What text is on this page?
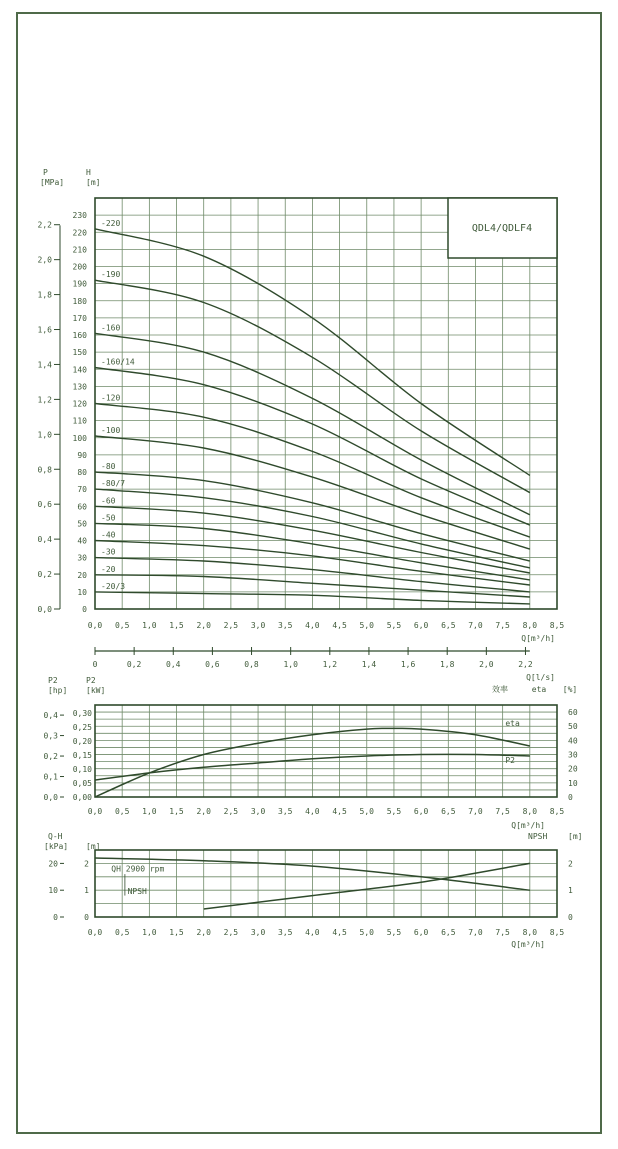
QDL4/QDLF4
P
[MPa]
H
[m]
0
10
20
30
40
50
60
70
80
90
100
110
120
130
140
150
160
170
180
190
200
210
220
230
0,0
0,2
0,4
0,6
0,8
1,0
1,2
1,4
1,6
1,8
2,0
2,2
0,0 0,5 1,0 1,5 2,0 2,5 3,0 3,5 4,0 4,5 5,0 5,5 6,0 6,5 7,0 7,5 8,0 8,5
Q[m³/h]
0	0,2	0,4	0,6	0,8	1,0	1,2	1,4	1,6	1,8	2,0	2,2
Q[l/s]
-220
-190
-160
-160/14
-120
-100
-80
-80/7
-60
-50
-40
-30
-20
-20/3
P2
[hp]
P2
[kW]	效率	eta [%]
0,0
0,1
0,2
0,3
0,4
0,00
0,05
0,10
0,15
0,20
0,25
0,30
0
10
20
30
40
50
60
0,0 0,5 1,0 1,5 2,0 2,5 3,0 3,5 4,0 4,5 5,0 5,5 6,0 6,5 7,0 7,5 8,0 8,5
Q[m³/h]
eta
P2
Q-H
[kPa] [m]
NPSH	[m]
0
10
20
0
1
2
0
1
2
0,0 0,5 1,0 1,5 2,0 2,5 3,0 3,5 4,0 4,5 5,0 5,5 6,0 6,5 7,0 7,5 8,0 8,5
Q[m³/h]
QH 2900 rpm
NPSH
